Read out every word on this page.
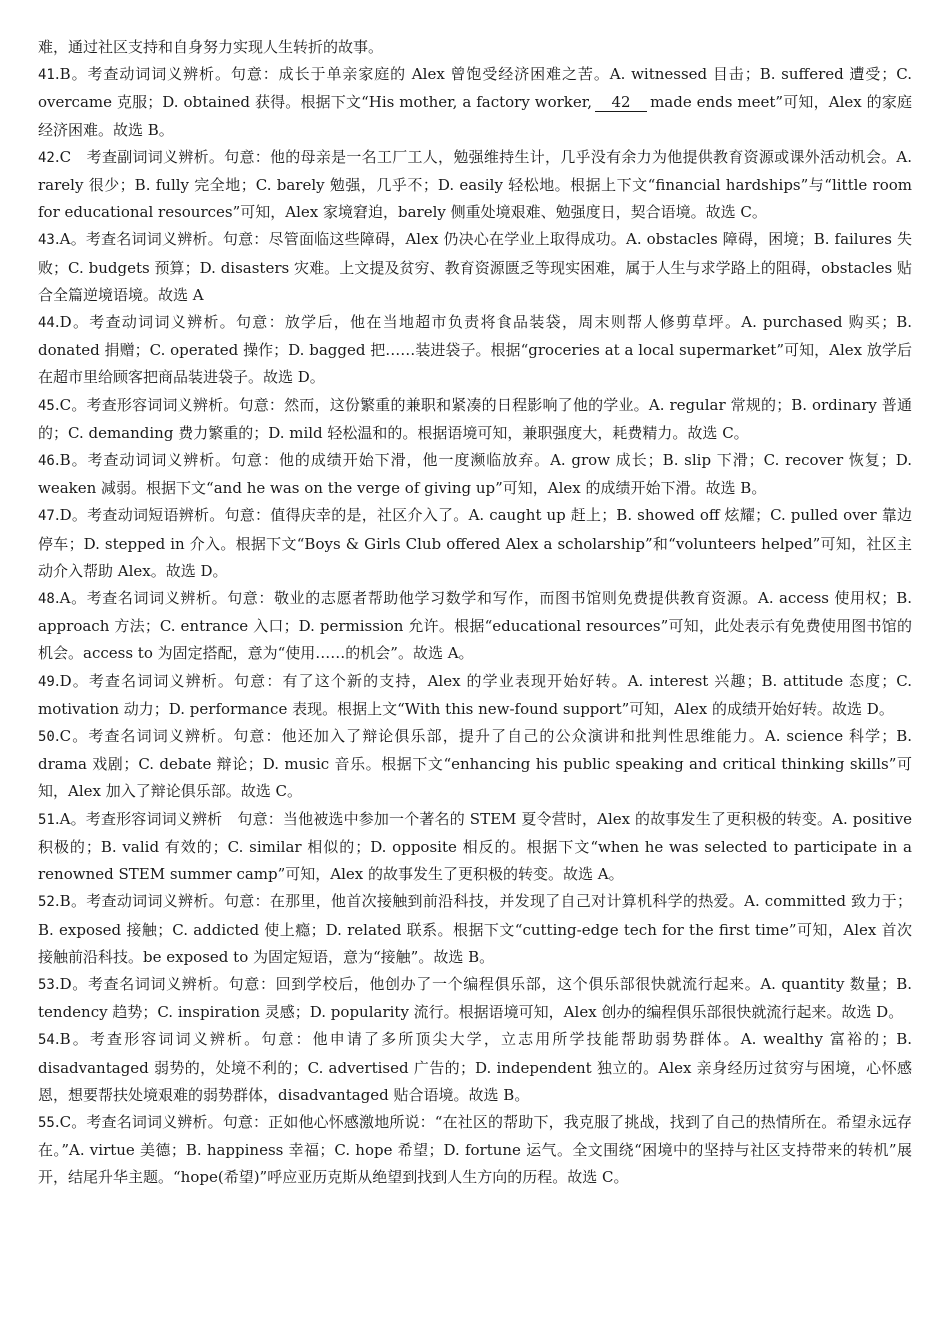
难，通过社区支持和自身努力实现人生转折的故事。

41.B。考查动词词义辨析。句意：成长于单亲家庭的 Alex 曾饱受经济困难之苦。A. witnessed 目击；B. suffered 遭受；C. overcame 克服；D. obtained 获得。根据下文“His mother, a factory worker, 42 made ends meet”可知，Alex 的家庭经济困难。故选 B。

42.C　考查副词词义辨析。句意：他的母亲是一名工厂工人，勉强维持生计，几乎没有余力为他提供教育资源或课外活动机会。A. rarely 很少；B. fully 完全地；C. barely 勉强，几乎不；D. easily 轻松地。根据上下文“financial hardships”与“little room for educational resources”可知，Alex 家境窘迫，barely 侧重处境艰难、勉强度日，契合语境。故选 C。

43.A。考查名词词义辨析。句意：尽管面临这些障碍，Alex 仍决心在学业上取得成功。A. obstacles 障碍，困境；B. failures 失败；C. budgets 预算；D. disasters 灾难。上文提及贫穷、教育资源匮乏等现实困难，属于人生与求学路上的阻碍，obstacles 贴合全篇逆境语境。故选 A

44.D。考查动词词义辨析。句意：放学后，他在当地超市负责将食品装袋，周末则帮人修剪草坪。A. purchased 购买；B. donated 捐赠；C. operated 操作；D. bagged 把……装进袋子。根据“groceries at a local supermarket”可知，Alex 放学后在超市里给顾客把商品装进袋子。故选 D。

45.C。考查形容词词义辨析。句意：然而，这份繁重的兼职和紧凑的日程影响了他的学业。A. regular 常规的；B. ordinary 普通的；C. demanding 费力繁重的；D. mild 轻松温和的。根据语境可知，兼职强度大，耗费精力。故选 C。

46.B。考查动词词义辨析。句意：他的成绩开始下滑，他一度濒临放弃。A. grow 成长；B. slip 下滑；C. recover 恢复；D. weaken 减弱。根据下文“and he was on the verge of giving up”可知，Alex 的成绩开始下滑。故选 B。

47.D。考查动词短语辨析。句意：值得庆幸的是，社区介入了。A. caught up 赶上；B. showed off 炫耀；C. pulled over 靠边停车；D. stepped in 介入。根据下文“Boys & Girls Club offered Alex a scholarship”和“volunteers helped”可知，社区主动介入帮助 Alex。故选 D。

48.A。考查名词词义辨析。句意：敬业的志愿者帮助他学习数学和写作，而图书馆则免费提供教育资源。A. access 使用权；B. approach 方法；C. entrance 入口；D. permission 允许。根据“educational resources”可知，此处表示有免费使用图书馆的机会。access to 为固定搭配，意为“使用……的机会”。故选 A。

49.D。考查名词词义辨析。句意：有了这个新的支持，Alex 的学业表现开始好转。A. interest 兴趣；B. attitude 态度；C. motivation 动力；D. performance 表现。根据上文“With this new-found support”可知，Alex 的成绩开始好转。故选 D。

50.C。考查名词词义辨析。句意：他还加入了辩论俱乐部，提升了自己的公众演讲和批判性思维能力。A. science 科学；B. drama 戏剧；C. debate 辩论；D. music 音乐。根据下文“enhancing his public speaking and critical thinking skills”可知，Alex 加入了辩论俱乐部。故选 C。

51.A。考查形容词词义辨析　句意：当他被选中参加一个著名的 STEM 夏令营时，Alex 的故事发生了更积极的转变。A. positive 积极的；B. valid 有效的；C. similar 相似的；D. opposite 相反的。根据下文“when he was selected to participate in a renowned STEM summer camp”可知，Alex 的故事发生了更积极的转变。故选 A。

52.B。考查动词词义辨析。句意：在那里，他首次接触到前沿科技，并发现了自己对计算机科学的热爱。A. committed 致力于；B. exposed 接触；C. addicted 使上瘾；D. related 联系。根据下文“cutting-edge tech for the first time”可知，Alex 首次接触前沿科技。be exposed to 为固定短语，意为“接触”。故选 B。

53.D。考查名词词义辨析。句意：回到学校后，他创办了一个编程俱乐部，这个俱乐部很快就流行起来。A. quantity 数量；B. tendency 趋势；C. inspiration 灵感；D. popularity 流行。根据语境可知，Alex 创办的编程俱乐部很快就流行起来。故选 D。

54.B。考查形容词词义辨析。句意：他申请了多所顶尖大学，立志用所学技能帮助弱势群体。A. wealthy 富裕的；B. disadvantaged 弱势的，处境不利的；C. advertised 广告的；D. independent 独立的。Alex 亲身经历过贫穷与困境，心怀感恩，想要帮扶处境艰难的弱势群体，disadvantaged 贴合语境。故选 B。

55.C。考查名词词义辨析。句意：正如他心怀感激地所说：“在社区的帮助下，我克服了挑战，找到了自己的热情所在。希望永远存在。”A. virtue 美德；B. happiness 幸福；C. hope 希望；D. fortune 运气。全文围绕“困境中的坚持与社区支持带来的转机”展开，结尾升华主题。“hope(希望)”呼应亚历克斯从绝望到找到人生方向的历程。故选 C。
